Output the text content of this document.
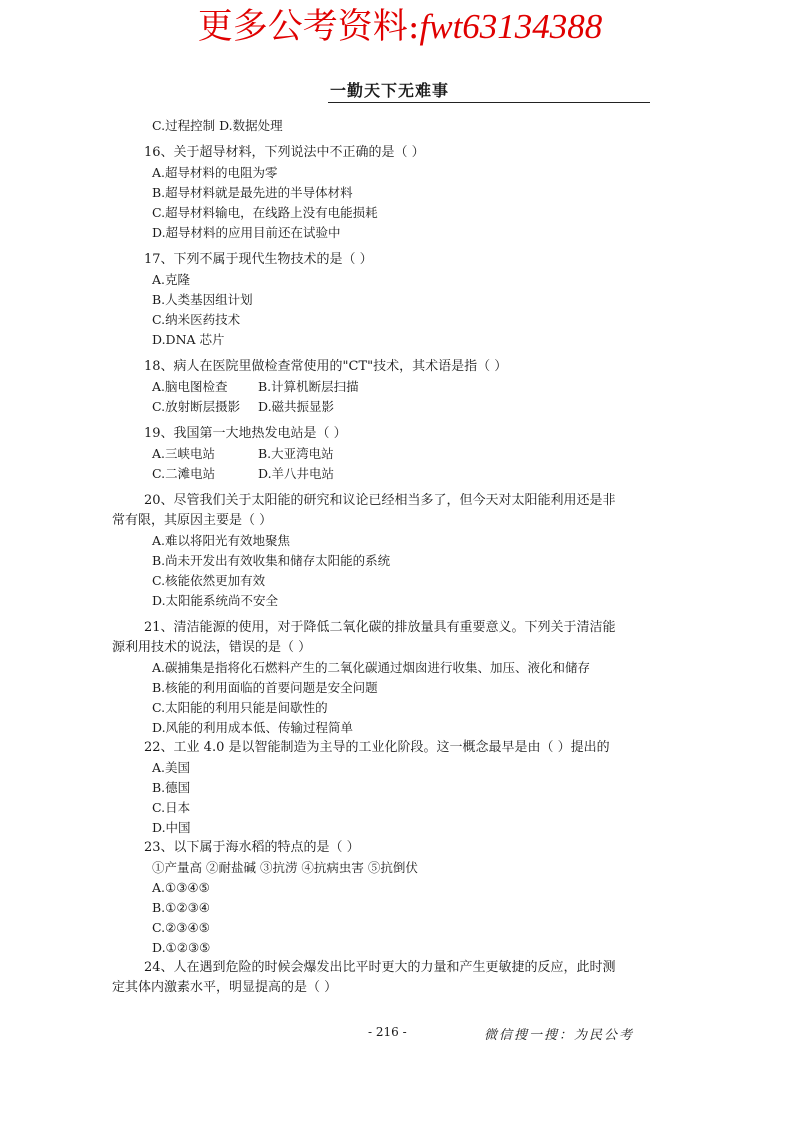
更多公考资料:fwt63134388
一勤天下无难事
C.过程控制 D.数据处理
16、关于超导材料，下列说法中不正确的是（ ）
A.超导材料的电阻为零
B.超导材料就是最先进的半导体材料
C.超导材料输电，在线路上没有电能损耗
D.超导材料的应用目前还在试验中
17、下列不属于现代生物技术的是（ ）
A.克隆
B.人类基因组计划
C.纳米医药技术
D.DNA 芯片
18、病人在医院里做检查常使用的"CT"技术，其术语是指（ ）
A.脑电图检查 B.计算机断层扫描
C.放射断层摄影 D.磁共振显影
19、我国第一大地热发电站是（ ）
A.三峡电站	B.大亚湾电站
C.二滩电站	D.羊八井电站
20、尽管我们关于太阳能的研究和议论已经相当多了，但今天对太阳能利用还是非
常有限，其原因主要是（ ）
A.难以将阳光有效地聚焦
B.尚未开发出有效收集和储存太阳能的系统
C.核能依然更加有效
D.太阳能系统尚不安全
21、清洁能源的使用，对于降低二氧化碳的排放量具有重要意义。下列关于清洁能
源利用技术的说法，错误的是（ ）
A.碳捕集是指将化石燃料产生的二氧化碳通过烟囱进行收集、加压、液化和储存
B.核能的利用面临的首要问题是安全问题
C.太阳能的利用只能是间歇性的
D.风能的利用成本低、传输过程简单
22、工业 4.0 是以智能制造为主导的工业化阶段。这一概念最早是由（ ）提出的
A.美国
B.德国
C.日本
D.中国
23、以下属于海水稻的特点的是（ ）
①产量高 ②耐盐碱 ③抗涝 ④抗病虫害 ⑤抗倒伏
A.①③④⑤
B.①②③④
C.②③④⑤
D.①②③⑤
24、人在遇到危险的时候会爆发出比平时更大的力量和产生更敏捷的反应，此时测
定其体内激素水平，明显提高的是（ ）
- 216 -	微信搜一搜：为民公考
